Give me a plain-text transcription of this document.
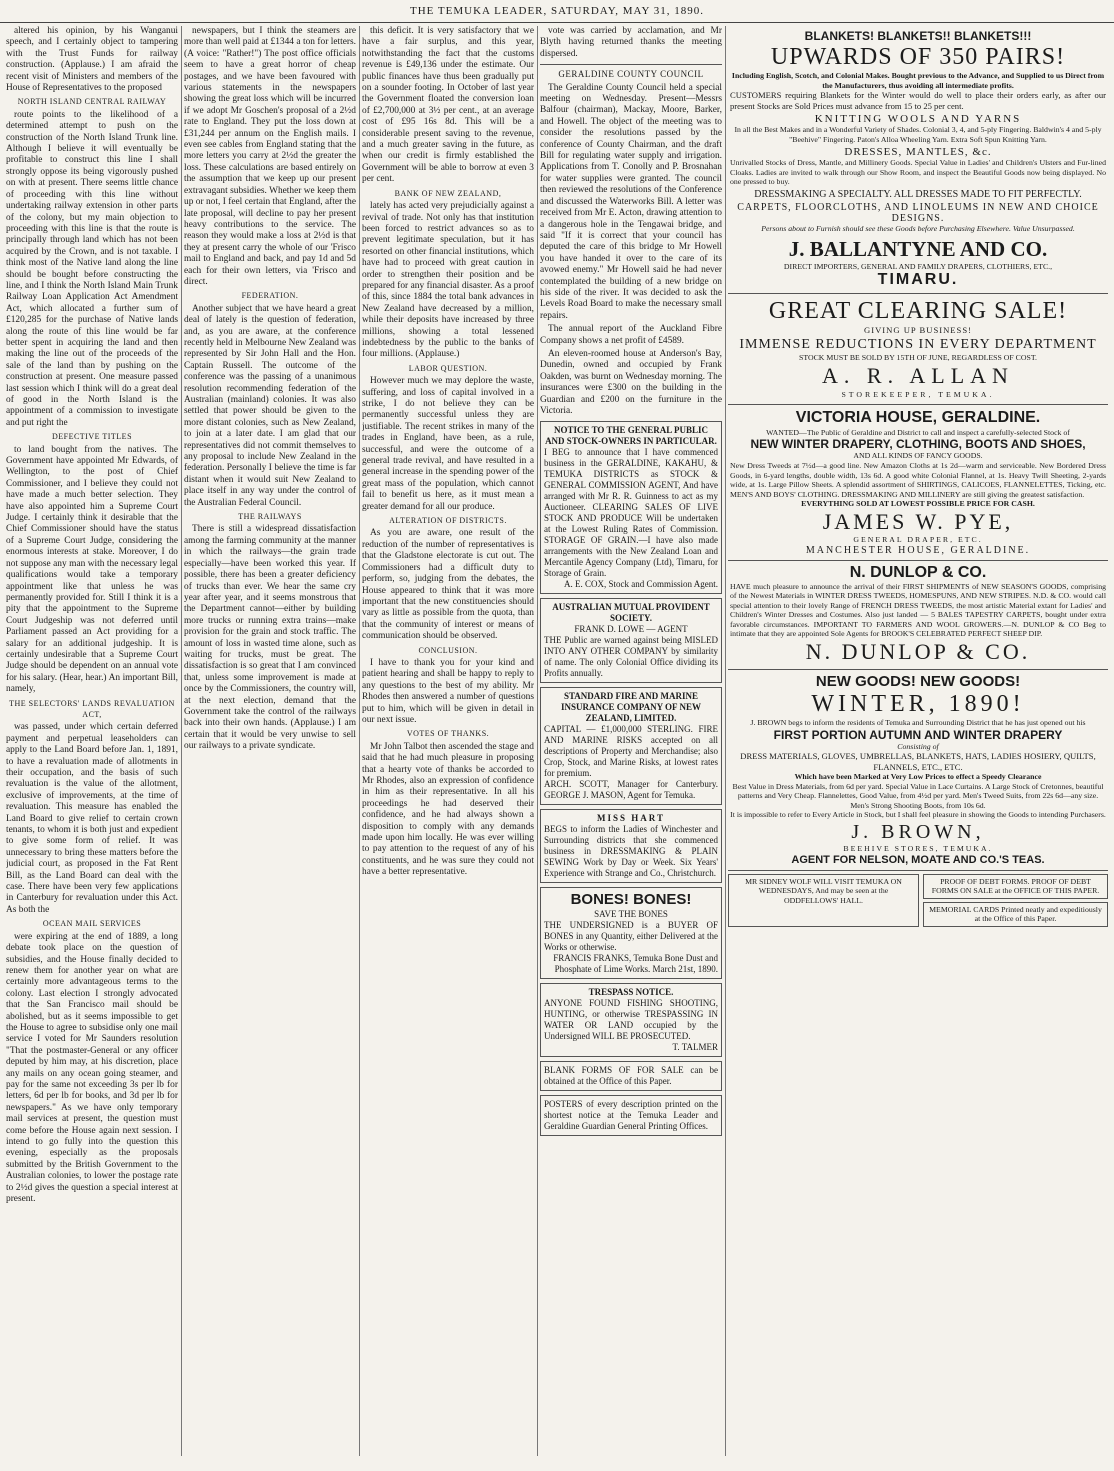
THE TEMUKA LEADER, SATURDAY, MAY 31, 1890.

altered his opinion, by his Wanganui speech, and I certainly object to tampering with the Trust Funds for railway construction. (Applause.) I am afraid the recent visit of Ministers and members of the House of Representatives to the proposed

NORTH ISLAND CENTRAL RAILWAY

route points to the likelihood of a determined attempt to push on the construction of the North Island Trunk line. Although I believe it will eventually be profitable to construct this line I shall strongly oppose its being vigorously pushed on with at present. There seems little chance of proceeding with this line without undertaking railway extension in other parts of the colony, but my main objection to proceeding with this line is that the route is principally through land which has not been acquired by the Crown, and is not taxable. I think most of the Native land along the line should be bought before constructing the line, and I think the North Island Main Trunk Railway Loan Application Act Amendment Act, which allocated a further sum of £120,285 for the purchase of Native lands along the route of this line would be far better spent in acquiring the land and then making the line out of the proceeds of the sale of the land than by pushing on the construction at present. One measure passed last session which I think will do a great deal of good in the North Island is the appointment of a commission to investigate and put right the

DEFECTIVE TITLES

to land bought from the natives. The Government have appointed Mr Edwards, of Wellington, to the post of Chief Commissioner, and I believe they could not have made a much better selection. They have also appointed him a Supreme Court Judge. I certainly think it desirable that the Chief Commissioner should have the status of a Supreme Court Judge, considering the enormous interests at stake. Moreover, I do not suppose any man with the necessary legal qualifications would take a temporary appointment like that unless he was permanently provided for. Still I think it is a pity that the appointment to the Supreme Court Judgeship was not deferred until Parliament passed an Act providing for a salary for an additional judgeship. It is certainly undesirable that a Supreme Court Judge should be dependent on an annual vote for his salary. (Hear, hear.) An important Bill, namely,

THE SELECTORS' LANDS REVALUATION ACT,

was passed, under which certain deferred payment and perpetual leaseholders can apply to the Land Board before Jan. 1, 1891, to have a revaluation made of allotments in their occupation, and the basis of such revaluation is the value of the allotment, exclusive of improvements, at the time of revaluation. This measure has enabled the Land Board to give relief to certain crown tenants, to whom it is both just and expedient to give some form of relief. It was unnecessary to bring these matters before the judicial court, as proposed in the Fat Rent Bill, as the Land Board can deal with the case. There have been very few applications in Canterbury for revaluation under this Act. As both the

OCEAN MAIL SERVICES

were expiring at the end of 1889, a long debate took place on the question of subsidies, and the House finally decided to renew them for another year on what are certainly more advantageous terms to the colony. Last election I strongly advocated that the San Francisco mail should be abolished, but as it seems impossible to get the House to agree to subsidise only one mail service I voted for Mr Saunders resolution "That the postmaster-General or any officer deputed by him may, at his discretion, place any mails on any ocean going steamer, and pay for the same not exceeding 3s per lb for letters, 6d per lb for books, and 3d per lb for newspapers." As we have only temporary mail services at present, the question must come before the House again next session. I intend to go fully into the question this evening, especially as the proposals submitted by the British Government to the Australian colonies, to lower the postage rate to 2½d gives the question a special interest at present.

newspapers, but I think the steamers are more than well paid at £1344 a ton for letters. (A voice: "Rather!") The post office officials seem to have a great horror of cheap postages, and we have been favoured with various statements in the newspapers showing the great loss which will be incurred if we adopt Mr Goschen's proposal of a 2½d rate to England. They put the loss down at £31,244 per annum on the English mails. I even see cables from England stating that the more letters you carry at 2½d the greater the loss. These calculations are based entirely on the assumption that we keep up our present extravagant subsidies. Whether we keep them up or not, I feel certain that England, after the late proposal, will decline to pay her present heavy contributions to the service. The reason they would make a loss at 2½d is that they at present carry the whole of our 'Frisco mail to England and back, and pay 1d and 5d each for their own letters, via 'Frisco and direct.

FEDERATION.

Another subject that we have heard a great deal of lately is the question of federation, and, as you are aware, at the conference recently held in Melbourne New Zealand was represented by Sir John Hall and the Hon. Captain Russell. The outcome of the conference was the passing of a unanimous resolution recommending federation of the Australian (mainland) colonies. It was also settled that power should be given to the more distant colonies, such as New Zealand, to join at a later date. I am glad that our representatives did not commit themselves to any proposal to include New Zealand in the federation. Personally I believe the time is far distant when it would suit New Zealand to place itself in any way under the control of the Australian Federal Council.

THE RAILWAYS

There is still a widespread dissatisfaction among the farming community at the manner in which the railways—the grain trade especially—have been worked this year. If possible, there has been a greater deficiency of trucks than ever. We hear the same cry year after year, and it seems monstrous that the Department cannot—either by building more trucks or running extra trains—make provision for the grain and stock traffic. The amount of loss in wasted time alone, such as waiting for trucks, must be great. The dissatisfaction is so great that I am convinced that, unless some improvement is made at once by the Commissioners, the country will, at the next election, demand that the Government take the control of the railways back into their own hands. (Applause.) I am certain that it would be very unwise to sell our railways to a private syndicate.

this deficit. It is very satisfactory that we have a fair surplus, and this year, notwithstanding the fact that the customs revenue is £49,136 under the estimate. Our public finances have thus been gradually put on a sounder footing. In October of last year the Government floated the conversion loan of £2,700,000 at 3½ per cent., at an average cost of £95 16s 8d. This will be a considerable present saving to the revenue, and a much greater saving in the future, as when our credit is firmly established the Government will be able to borrow at even 3 per cent.

BANK OF NEW ZEALAND,

lately has acted very prejudicially against a revival of trade. Not only has that institution been forced to restrict advances so as to prevent legitimate speculation, but it has resorted on other financial institutions, which have had to proceed with great caution in order to strengthen their position and be prepared for any financial disaster. As a proof of this, since 1884 the total bank advances in New Zealand have decreased by a million, while their deposits have increased by three millions, showing a total lessened indebtedness by the public to the banks of four millions. (Applause.)

LABOR QUESTION.

However much we may deplore the waste, suffering, and loss of capital involved in a strike, I do not believe they can be permanently successful unless they are justifiable. The recent strikes in many of the trades in England, have been, as a rule, successful, and were the outcome of a general trade revival, and have resulted in a general increase in the spending power of the great mass of the population, which cannot fail to benefit us here, as it must mean a greater demand for all our produce.

ALTERATION OF DISTRICTS.

As you are aware, one result of the reduction of the number of representatives is that the Gladstone electorate is cut out. The Commissioners had a difficult duty to perform, so, judging from the debates, the House appeared to think that it was more important that the new constituencies should vary as little as possible from the quota, than that the community of interest or means of communication should be observed.

CONCLUSION.

I have to thank you for your kind and patient hearing and shall be happy to reply to any questions to the best of my ability. Mr Rhodes then answered a number of questions put to him, which will be given in detail in our next issue.

VOTES OF THANKS.

Mr John Talbot then ascended the stage and said that he had much pleasure in proposing that a hearty vote of thanks be accorded to Mr Rhodes, also an expression of confidence in him as their representative. In all his proceedings he had deserved their confidence, and he had always shown a disposition to comply with any demands made upon him locally. He was ever willing to pay attention to the request of any of his constituents, and he was sure they could not have a better representative.

vote was carried by acclamation, and Mr Blyth having returned thanks the meeting dispersed.

GERALDINE COUNTY COUNCIL

The Geraldine County Council held a special meeting on Wednesday. Present—Messrs Balfour (chairman), Mackay, Moore, Barker, and Howell. The object of the meeting was to consider the resolutions passed by the conference of County Chairman, and the draft Bill for regulating water supply and irrigation. Applications from T. Conolly and P. Brosnahan for water supplies were granted. The council then reviewed the resolutions of the Conference and discussed the Waterworks Bill. A letter was received from Mr E. Acton, drawing attention to a dangerous hole in the Tengawai bridge, and said "If it is correct that your council has deputed the care of this bridge to Mr Howell you have handed it over to the care of its avowed enemy." Mr Howell said he had never contemplated the building of a new bridge on his side of the river. It was decided to ask the Levels Road Board to make the necessary small repairs.

The annual report of the Auckland Fibre Company shows a net profit of £4589.

An eleven-roomed house at Anderson's Bay, Dunedin, owned and occupied by Frank Oakden, was burnt on Wednesday morning. The insurances were £300 on the building in the Guardian and £200 on the furniture in the Victoria.

NOTICE TO THE GENERAL PUBLIC AND STOCK-OWNERS IN PARTICULAR.
I BEG to announce that I have commenced business in the GERALDINE, KAKAHU, & TEMUKA DISTRICTS as STOCK & GENERAL COMMISSION AGENT, And have arranged with Mr R. R. Guinness to act as my Auctioneer. CLEARING SALES OF LIVE STOCK AND PRODUCE Will be undertaken at the Lowest Ruling Rates of Commission. STORAGE OF GRAIN.—I have also made arrangements with the New Zealand Loan and Mercantile Agency Company (Ltd), Timaru, for Storage of Grain.
A. E. COX, Stock and Commission Agent.
AUSTRALIAN MUTUAL PROVIDENT SOCIETY.
FRANK D. LOWE — AGENT
THE Public are warned against being MISLED INTO ANY OTHER COMPANY by similarity of name. The only Colonial Office dividing its Profits annually.
STANDARD FIRE AND MARINE INSURANCE COMPANY OF NEW ZEALAND, LIMITED.
CAPITAL — £1,000,000 STERLING. FIRE AND MARINE RISKS accepted on all descriptions of Property and Merchandise; also Crop, Stock, and Marine Risks, at lowest rates for premium.
ARCH. SCOTT, Manager for Canterbury. GEORGE J. MASON, Agent for Temuka.
MISS HART
BEGS to inform the Ladies of Winchester and Surrounding districts that she commenced business in DRESSMAKING & PLAIN SEWING Work by Day or Week. Six Years' Experience with Strange and Co., Christchurch.
BONES! BONES!
SAVE THE BONES
THE UNDERSIGNED is a BUYER OF BONES in any Quantity, either Delivered at the Works or otherwise.
FRANCIS FRANKS, Temuka Bone Dust and Phosphate of Lime Works. March 21st, 1890.
TRESPASS NOTICE.
ANYONE FOUND FISHING SHOOTING, HUNTING, or otherwise TRESPASSING IN WATER OR LAND occupied by the Undersigned WILL BE PROSECUTED.
T. TALMER
BLANK FORMS OF FOR SALE can be obtained at the Office of this Paper.
POSTERS of every description printed on the shortest notice at the Temuka Leader and Geraldine Guardian General Printing Offices.
BLANKETS! BLANKETS!! BLANKETS!!!
UPWARDS OF 350 PAIRS!
Including English, Scotch, and Colonial Makes. Bought previous to the Advance, and Supplied to us Direct from the Manufacturers, thus avoiding all intermediate profits.
CUSTOMERS requiring Blankets for the Winter would do well to place their orders early, as after our present Stocks are Sold Prices must advance from 15 to 25 per cent.
KNITTING WOOLS AND YARNS
In all the Best Makes and in a Wonderful Variety of Shades. Colonial 3, 4, and 5-ply Fingering. Baldwin's 4 and 5-ply "Beehive" Fingering. Paton's Alloa Wheeling Yarn. Extra Soft Spun Knitting Yarn.
DRESSES, MANTLES, &c.
Unrivalled Stocks of Dress, Mantle, and Millinery Goods. Special Value in Ladies' and Children's Ulsters and Fur-lined Cloaks. Ladies are invited to walk through our Show Room, and inspect the Beautiful Goods now being displayed. No one pressed to buy.
DRESSMAKING A SPECIALTY. ALL DRESSES MADE TO FIT PERFECTLY.
CARPETS, FLOORCLOTHS, AND LINOLEUMS IN NEW AND CHOICE DESIGNS.
Persons about to Furnish should see these Goods before Purchasing Elsewhere. Value Unsurpassed.
J. BALLANTYNE AND CO.
DIRECT IMPORTERS, GENERAL AND FAMILY DRAPERS, CLOTHIERS, ETC.,
TIMARU.
GREAT CLEARING SALE!
GIVING UP BUSINESS!
IMMENSE REDUCTIONS IN EVERY DEPARTMENT
STOCK MUST BE SOLD BY 15TH OF JUNE, REGARDLESS OF COST.
A. R. ALLAN
STOREKEEPER, TEMUKA.
VICTORIA HOUSE, GERALDINE.
WANTED—The Public of Geraldine and District to call and inspect a carefully-selected Stock of
NEW WINTER DRAPERY, CLOTHING, BOOTS AND SHOES,
AND ALL KINDS OF FANCY GOODS.
New Dress Tweeds at 7½d—a good line. New Amazon Cloths at 1s 2d—warm and serviceable. New Bordered Dress Goods, in 6-yard lengths, double width, 13s 6d. A good white Colonial Flannel, at 1s. Heavy Twill Sheeting, 2-yards wide, at 1s. Large Pillow Sheets. A splendid assortment of SHIRTINGS, CALICOES, FLANNELETTES, Ticking, etc. MEN'S AND BOYS' CLOTHING. DRESSMAKING AND MILLINERY are still giving the greatest satisfaction.
EVERYTHING SOLD AT LOWEST POSSIBLE PRICE FOR CASH.
JAMES W. PYE,
GENERAL DRAPER, ETC.
MANCHESTER HOUSE, GERALDINE.
N. DUNLOP & CO.
HAVE much pleasure to announce the arrival of their FIRST SHIPMENTS of NEW SEASON'S GOODS, comprising of the Newest Materials in WINTER DRESS TWEEDS, HOMESPUNS, AND NEW STRIPES. N.D. & CO. would call special attention to their lovely Range of FRENCH DRESS TWEEDS, the most artistic Material extant for Ladies' and Children's Winter Dresses and Costumes. Also just landed — 5 BALES TAPESTRY CARPETS, bought under extra favorable circumstances. IMPORTANT TO FARMERS AND WOOL GROWERS.—N. DUNLOP & CO Beg to intimate that they are appointed Sole Agents for BROOK'S CELEBRATED PERFECT SHEEP DIP.
N. DUNLOP & CO.
NEW GOODS! NEW GOODS!
WINTER, 1890!
J. BROWN begs to inform the residents of Temuka and Surrounding District that he has just opened out his
FIRST PORTION AUTUMN AND WINTER DRAPERY
Consisting of
DRESS MATERIALS, GLOVES, UMBRELLAS, BLANKETS, HATS, LADIES HOSIERY, QUILTS, FLANNELS, ETC., ETC.
Which have been Marked at Very Low Prices to effect a Speedy Clearance
Best Value in Dress Materials, from 6d per yard. Special Value in Lace Curtains. A Large Stock of Cretonnes, beautiful patterns and Very Cheap. Flannelettes, Good Value, from 4½d per yard. Men's Tweed Suits, from 22s 6d—any size. Men's Strong Shooting Boots, from 10s 6d.
It is impossible to refer to Every Article in Stock, but I shall feel pleasure in showing the Goods to intending Purchasers.
J. BROWN,
BEEHIVE STORES, TEMUKA.
AGENT FOR NELSON, MOATE AND CO.'S TEAS.
MR SIDNEY WOLF WILL VISIT TEMUKA ON WEDNESDAYS, And may be seen at the ODDFELLOWS' HALL.
PROOF OF DEBT FORMS. PROOF OF DEBT FORMS ON SALE at the OFFICE OF THIS PAPER.
MEMORIAL CARDS Printed neatly and expeditiously at the Office of this Paper.
